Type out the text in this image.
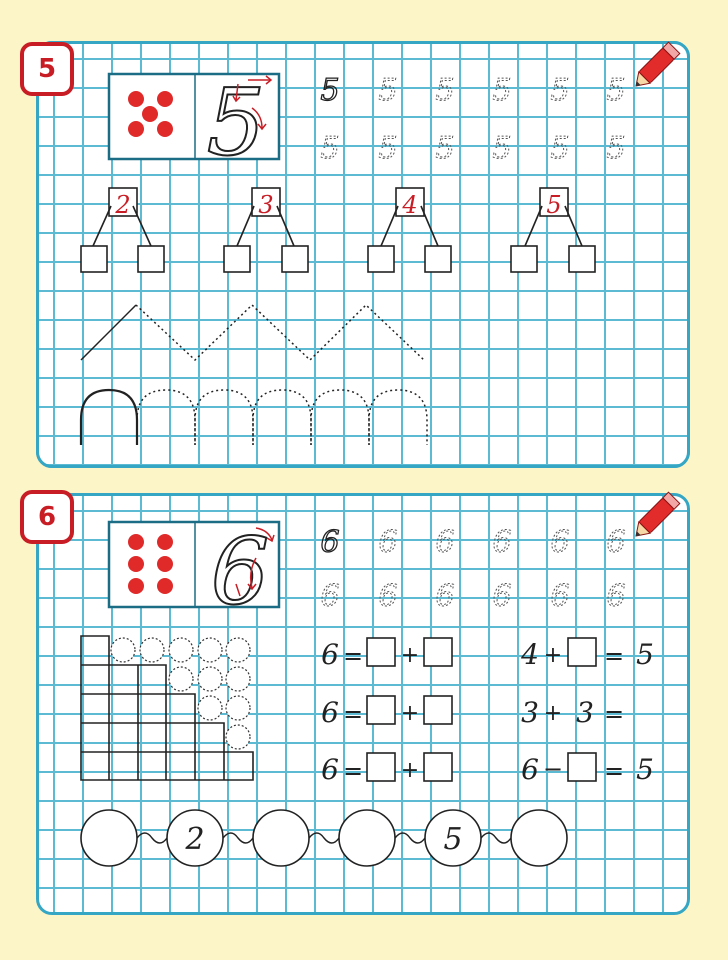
5 5 5 5 5 5 5 5
5 5 5 5 5 5
2	3	4	5
6 6 6 6 6 6 6
6 6 6 6 6 6
6 = +
6 = +
6 = +
4 + = 5
3 + 3 =
6 − = 5
2	5
6
